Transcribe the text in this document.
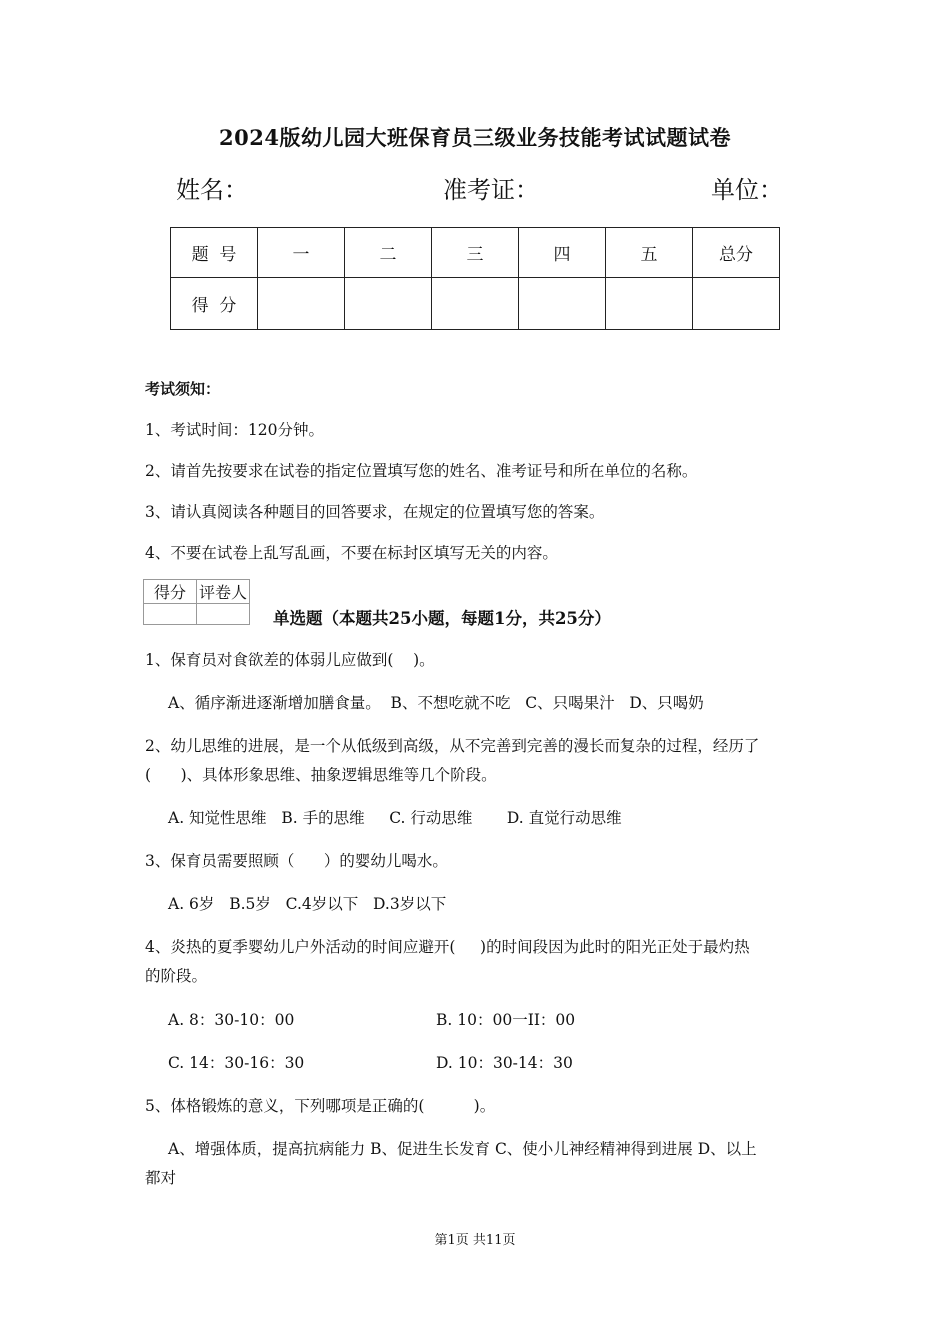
2024版幼儿园大班保育员三级业务技能考试试题试卷
姓名：	准考证：	单位：
题  号	一	二	三	四	五	总分
得  分						
考试须知：
1、考试时间：120分钟。
2、请首先按要求在试卷的指定位置填写您的姓名、准考证号和所在单位的名称。
3、请认真阅读各种题目的回答要求，在规定的位置填写您的答案。
4、不要在试卷上乱写乱画，不要在标封区填写无关的内容。
得分	评卷人

单选题（本题共25小题，每题1分，共25分）
1、保育员对食欲差的体弱儿应做到(    )。
A、循序渐进逐渐增加膳食量。  B、不想吃就不吃   C、只喝果汁   D、只喝奶
2、幼儿思维的进展，是一个从低级到高级，从不完善到完善的漫长而复杂的过程，经历了
(      )、具体形象思维、抽象逻辑思维等几个阶段。
A. 知觉性思维   B. 手的思维     C. 行动思维       D. 直觉行动思维
3、保育员需要照顾（      ）的婴幼儿喝水。
A. 6岁   B.5岁   C.4岁以下   D.3岁以下
4、炎热的夏季婴幼儿户外活动的时间应避开(     )的时间段因为此时的阳光正处于最灼热
的阶段。
A. 8：30-10：00	B. 10：00一II：00
C. 14：30-16：30	D. 10：30-14：30
5、体格锻炼的意义，下列哪项是正确的(          )。
A、增强体质，提高抗病能力 B、促进生长发育 C、使小儿神经精神得到进展 D、以上
都对
第1页 共11页
